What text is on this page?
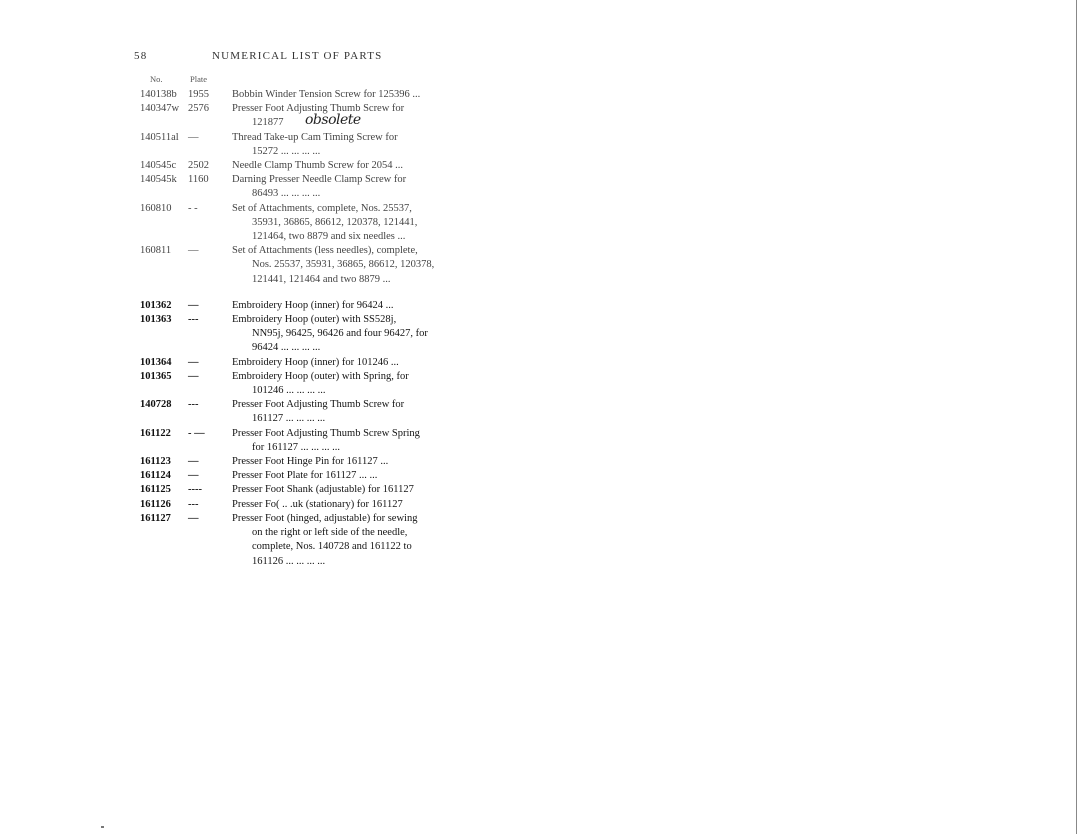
58	NUMERICAL LIST OF PARTS
No.	Plate
140138b	1955	Bobbin Winder Tension Screw for 125396 ...
140347w 2576	Presser Foot Adjusting Thumb Screw for
121877	obsolete
140511al —	Thread Take-up Cam Timing Screw for
15272 ... ... ... ...
140545c	2502	Needle Clamp Thumb Screw for 2054 ...
140545k	1160	Darning Presser Needle Clamp Screw for
86493 ... ... ... ...
160810	- -	Set of Attachments, complete, Nos. 25537,
35931, 36865, 86612, 120378, 121441,
121464, two 8879 and six needles ...
160811	—	Set of Attachments (less needles), complete,
Nos. 25537, 35931, 36865, 86612, 120378,
121441, 121464 and two 8879 ...
101362	—	Embroidery Hoop (inner) for 96424 ...
101363	---	Embroidery Hoop (outer) with SS528j,
NN95j, 96425, 96426 and four 96427, for
96424 ... ... ... ...
101364	—	Embroidery Hoop (inner) for 101246 ...
101365	—	Embroidery Hoop (outer) with Spring, for
101246 ... ... ... ...
140728	---	Presser Foot Adjusting Thumb Screw for
161127 ... ... ... ...
161122	- —	Presser Foot Adjusting Thumb Screw Spring
for 161127 ... ... ... ...
161123	—	Presser Foot Hinge Pin for 161127 ...
161124	—	Presser Foot Plate for 161127 ... ...
161125	----	Presser Foot Shank (adjustable) for 161127
161126	---	Presser Fo( .. .uk (stationary) for 161127
161127	—	Presser Foot (hinged, adjustable) for sewing
on the right or left side of the needle,
complete, Nos. 140728 and 161122 to
161126 ... ... ... ...
